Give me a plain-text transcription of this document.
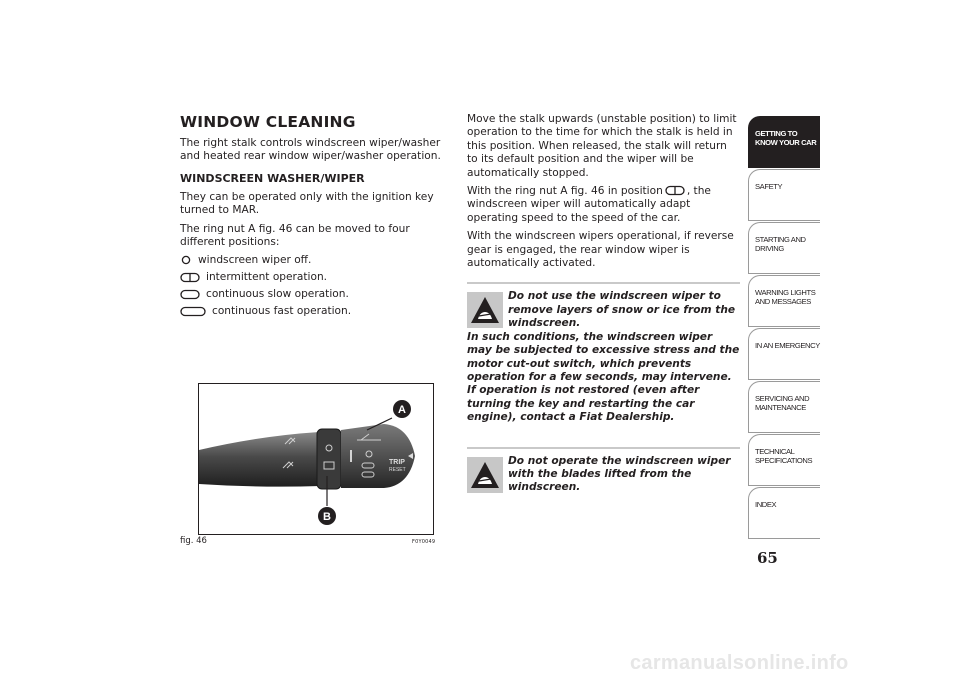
WINDOW CLEANING

The right stalk controls windscreen wiper/washer and heated rear window wiper/washer operation.

WINDSCREEN WASHER/WIPER

They can be operated only with the ignition key turned to MAR.

The ring nut A fig. 46 can be moved to four different positions:

windscreen wiper off.
intermittent operation.
continuous slow operation.
continuous fast operation.
TRIP
RESET
A
B
fig. 46	F0Y0049

Move the stalk upwards (unstable position) to limit operation to the time for which the stalk is held in this position. When released, the stalk will return to its default position and the wiper will be automatically stopped.

With the ring nut A fig. 46 in position , the windscreen wiper will automatically adapt operating speed to the speed of the car.

With the windscreen wipers operational, if reverse gear is engaged, the rear window wiper is automatically activated.

Do not use the windscreen wiper to remove layers of snow or ice from the windscreen.

In such conditions, the windscreen wiper may be subjected to excessive stress and the motor cut-out switch, which prevents operation for a few seconds, may intervene. If operation is not restored (even after turning the key and restarting the car engine), contact a Fiat Dealership.

Do not operate the windscreen wiper with the blades lifted from the windscreen.

GETTING TO KNOW YOUR CAR
SAFETY
STARTING AND DRIVING
WARNING LIGHTS AND MESSAGES
IN AN EMERGENCY
SERVICING AND MAINTENANCE
TECHNICAL SPECIFICATIONS
INDEX
65
carmanualsonline.info
